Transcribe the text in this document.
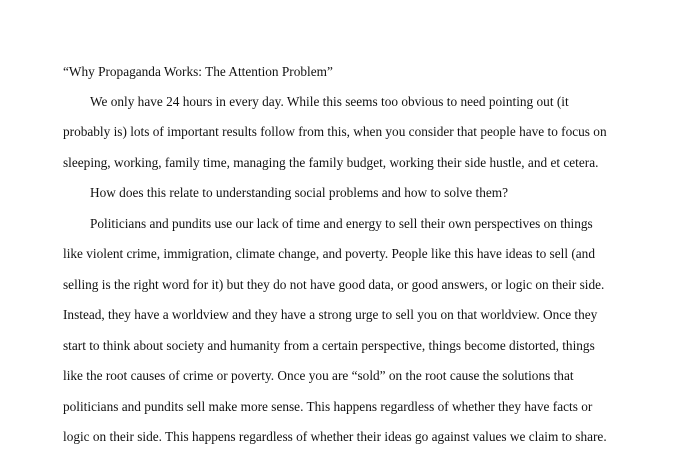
“Why Propaganda Works: The Attention Problem”
We only have 24 hours in every day. While this seems too obvious to need pointing out (it
probably is) lots of important results follow from this, when you consider that people have to focus on
sleeping, working, family time, managing the family budget, working their side hustle, and et cetera.
How does this relate to understanding social problems and how to solve them?
Politicians and pundits use our lack of time and energy to sell their own perspectives on things
like violent crime, immigration, climate change, and poverty. People like this have ideas to sell (and
selling is the right word for it) but they do not have good data, or good answers, or logic on their side.
Instead, they have a worldview and they have a strong urge to sell you on that worldview. Once they
start to think about society and humanity from a certain perspective, things become distorted, things
like the root causes of crime or poverty. Once you are “sold” on the root cause the solutions that
politicians and pundits sell make more sense. This happens regardless of whether they have facts or
logic on their side. This happens regardless of whether their ideas go against values we claim to share.
